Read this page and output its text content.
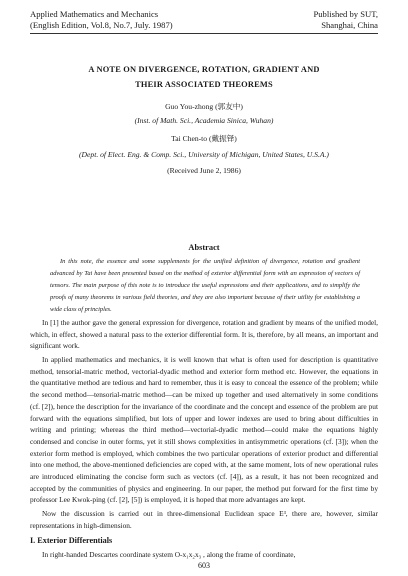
Applied Mathematics and Mechanics
(English Edition, Vol.8, No.7, July. 1987)
Published by SUT,
Shanghai, China
A NOTE ON DIVERGENCE, ROTATION, GRADIENT AND
THEIR ASSOCIATED THEOREMS
Guo You-zhong (郭友中)
(Inst. of Math. Sci., Academia Sinica, Wuhan)
Tai Chen-to (戴振铎)
(Dept. of Elect. Eng. & Comp. Sci., University of Michigan, United States, U.S.A.)
(Received June 2, 1986)
Abstract
In this note, the essence and some supplements for the unified definition of divergence, rotation and gradient advanced by Tai have been presented based on the method of exterior differential form with an expression of vectors of tensors. The main purpose of this note is to introduce the useful expressions and their applications, and to simplify the proofs of many theorems in various field theories, and they are also important because of their utility for establishing a wide class of principles.
In [1] the author gave the general expression for divergence, rotation and gradient by means of the unified model, which, in effect, showed a natural pass to the exterior differential form. It is, therefore, by all means, an important and significant work.
In applied mathematics and mechanics, it is well known that what is often used for description is quantitative method, tensorial-matric method, vectorial-dyadic method and exterior form method etc. However, the equations in the quantitative method are tedious and hard to remember, thus it is easy to conceal the essence of the problem; while the second method—tensorial-matric method—can be mixed up together and used alternatively in some conditions (cf. [2]), hence the description for the invariance of the coordinate and the concept and essence of the problem are put forward with the equations simplified, but lots of upper and lower indexes are used to bring about difficulties in writing and printing; whereas the third method—vectorial-dyadic method—could make the equations highly condensed and concise in outer forms, yet it still shows complexities in antisymmetric operations (cf. [3]); when the exterior form method is employed, which combines the two particular operations of exterior product and differential into one method, the above-mentioned deficiencies are coped with, at the same moment, lots of new operational rules are introduced eliminating the concise form such as vectors (cf. [4]), as a result, it has not been recognized and accepted by the communities of physics and engineering. In our paper, the method put forward for the first time by professor Lee Kwok-ping (cf. [2], [5]) is employed, it is hoped that more advantages are kept.
Now the discussion is carried out in three-dimensional Euclidean space E³, there are, however, similar representations in high-dimension.
I. Exterior Differentials
In right-handed Descartes coordinate system O-x₁x₂x₃ , along the frame of coordinate,
603
